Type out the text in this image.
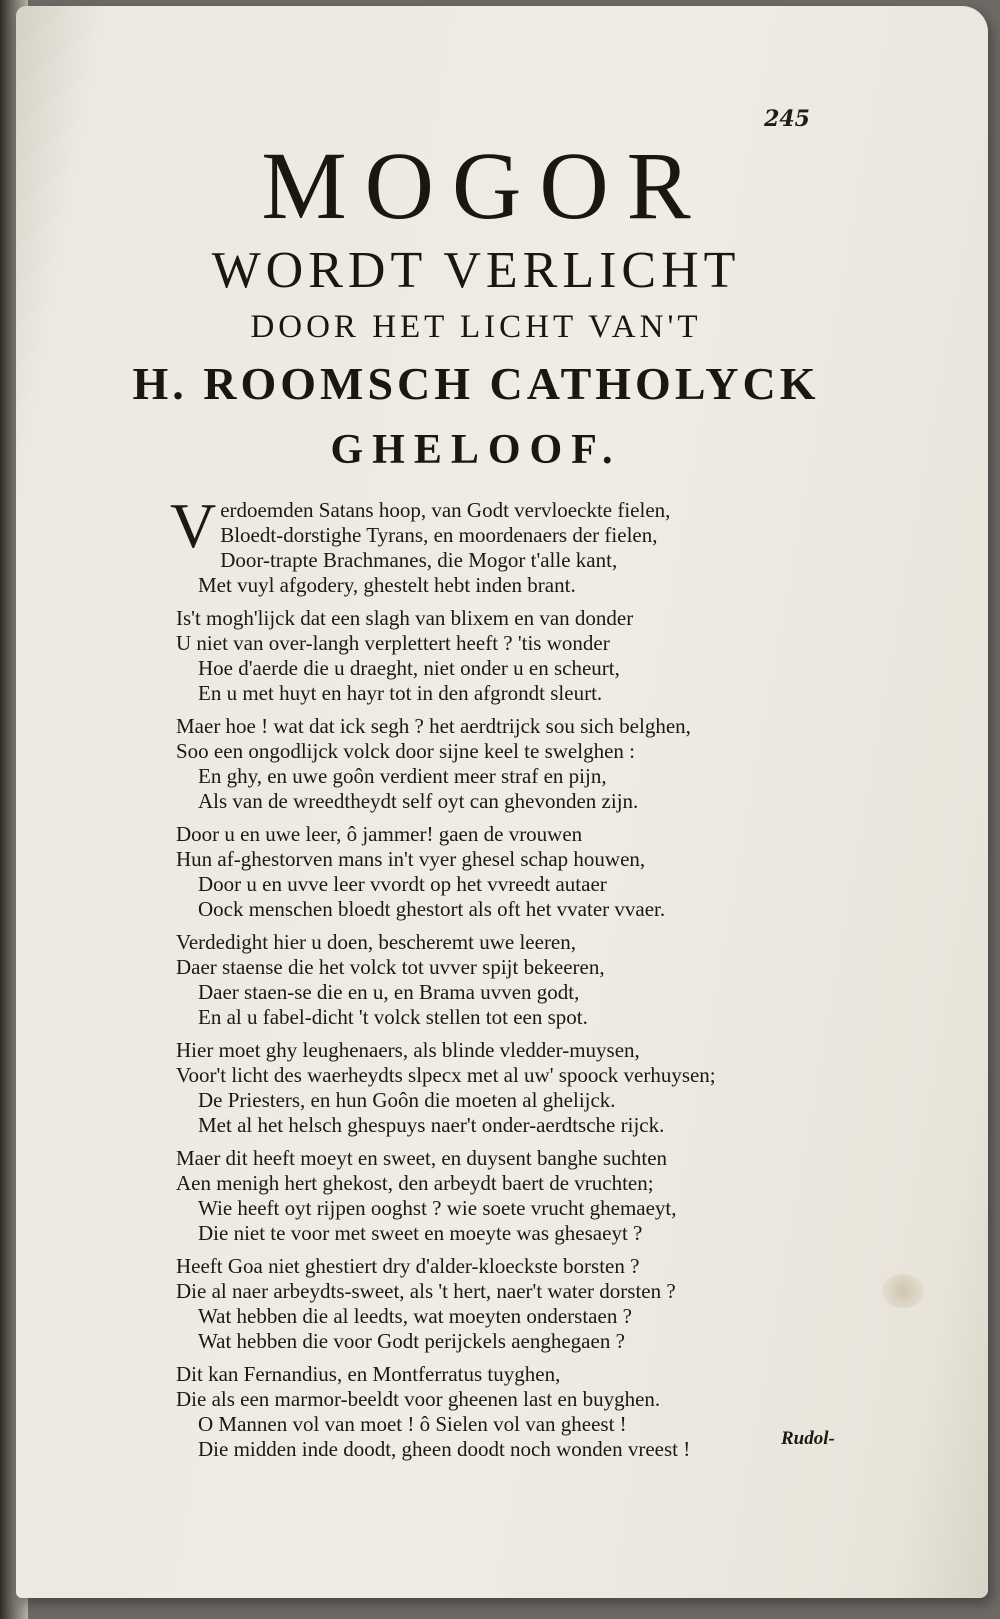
245
MOGOR
WORDT VERLICHT
DOOR HET LICHT VAN'T
H. ROOMSCH CATHOLYCK
GHELOOF.
Verdoemden Satans hoop, van Godt vervloeckte fielen,
Bloedt-dorstighe Tyrans, en moordenaers der fielen,
Door-trapte Brachmanes, die Mogor t'alle kant,
Met vuyl afgodery, ghestelt hebt inden brant.
Is't mogh'lijck dat een slagh van blixem en van donder
U niet van over-langh verplettert heeft ? 'tis wonder
Hoe d'aerde die u draeght, niet onder u en scheurt,
En u met huyt en hayr tot in den afgrondt sleurt.
Maer hoe ! wat dat ick segh ? het aerdtrijck sou sich belghen,
Soo een ongodlijck volck door sijne keel te swelghen :
En ghy, en uwe goôn verdient meer straf en pijn,
Als van de wreedtheydt self oyt can ghevonden zijn.
Door u en uwe leer, ô jammer! gaen de vrouwen
Hun af-ghestorven mans in't vyer ghesel schap houwen,
Door u en uvve leer vvordt op het vvreedt autaer
Oock menschen bloedt ghestort als oft het vvater vvaer.
Verdedight hier u doen, bescheremt uwe leeren,
Daer staense die het volck tot uvver spijt bekeeren,
Daer staen-se die en u, en Brama uvven godt,
En al u fabel-dicht 't volck stellen tot een spot.
Hier moet ghy leughenaers, als blinde vledder-muysen,
Voor't licht des waerheydts slpecx met al uw' spoock verhuysen;
De Priesters, en hun Goôn die moeten al ghelijck.
Met al het helsch ghespuys naer't onder-aerdtsche rijck.
Maer dit heeft moeyt en sweet, en duysent banghe suchten
Aen menigh hert ghekost, den arbeydt baert de vruchten;
Wie heeft oyt rijpen ooghst ? wie soete vrucht ghemaeyt,
Die niet te voor met sweet en moeyte was ghesaeyt ?
Heeft Goa niet ghestiert dry d'alder-kloeckste borsten ?
Die al naer arbeydts-sweet, als 't hert, naer't water dorsten ?
Wat hebben die al leedts, wat moeyten onderstaen ?
Wat hebben die voor Godt perijckels aenghegaen ?
Dit kan Fernandius, en Montferratus tuyghen,
Die als een marmor-beeldt voor gheenen last en buyghen.
O Mannen vol van moet ! ô Sielen vol van gheest !
Die midden inde doodt, gheen doodt noch wonden vreest !	Rudol-
